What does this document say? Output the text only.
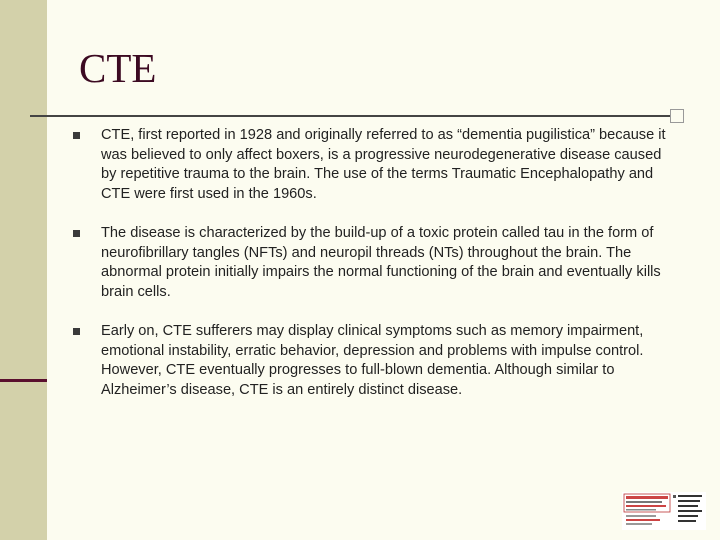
CTE
CTE, first reported in 1928 and originally referred to as “dementia pugilistica” because it was believed to only affect boxers, is a progressive neurodegenerative disease caused by repetitive trauma to the brain. The use of the terms Traumatic Encephalopathy and CTE were first used in the 1960s.
The disease is characterized by the build-up of a toxic protein called tau in the form of neurofibrillary tangles (NFTs) and neuropil threads (NTs) throughout the brain. The abnormal protein initially impairs the normal functioning of the brain and eventually kills brain cells.
Early on, CTE sufferers may display clinical symptoms such as memory impairment, emotional instability, erratic behavior, depression and problems with impulse control. However, CTE eventually progresses to full-blown dementia. Although similar to Alzheimer’s disease, CTE is an entirely distinct disease.
